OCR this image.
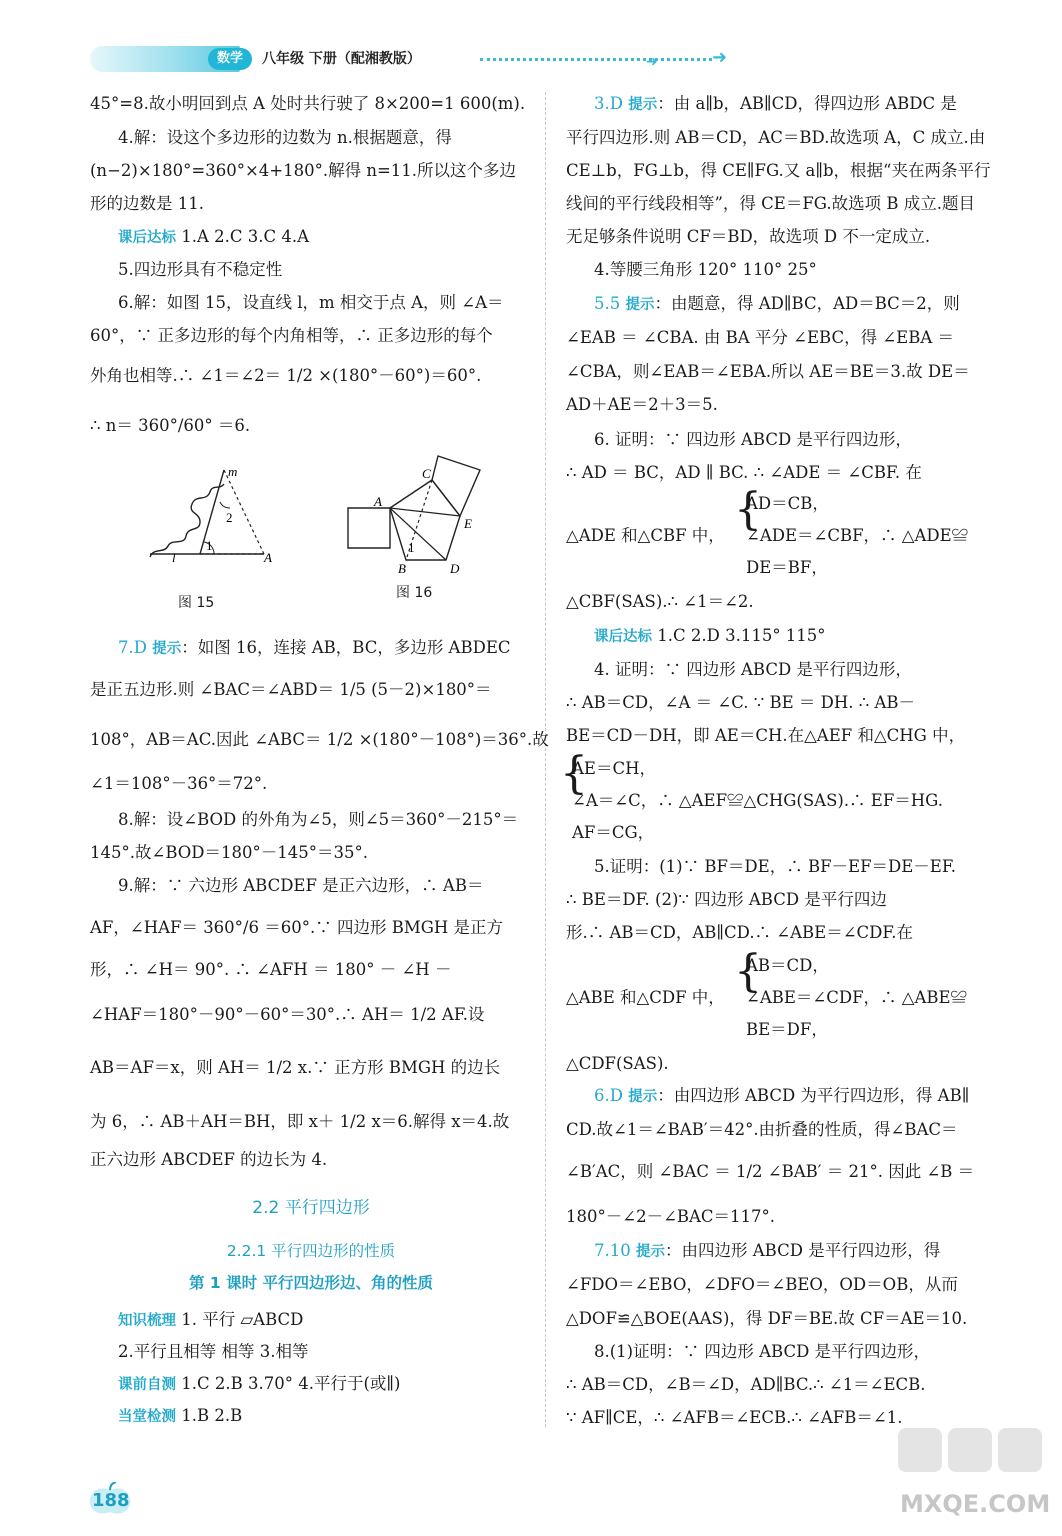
数学	八年级 下册（配湘教版）	➜	➜
45°=8.故小明回到点 A 处时共行驶了 8×200=1 600(m).
4.解：设这个多边形的边数为 n.根据题意，得
(n−2)×180°=360°×4+180°.解得 n=11.所以这个多边
形的边数是 11.
课后达标 1.A 2.C 3.C 4.A
5.四边形具有不稳定性
6.解：如图 15，设直线 l，m 相交于点 A，则 ∠A＝
60°，∵ 正多边形的每个内角相等，∴ 正多边形的每个
外角也相等.∴ ∠1＝∠2＝ 1/2 ×(180°－60°)＝60°.
∴ n＝ 360°/60° ＝6.
m
2
1
l	A
图 15
C
A
E
1
B	D
图 16
7.D 提示：如图 16，连接 AB，BC，多边形 ABDEC
是正五边形.则 ∠BAC＝∠ABD＝ 1/5 (5－2)×180°＝
108°，AB＝AC.因此 ∠ABC＝ 1/2 ×(180°－108°)＝36°.故
∠1＝108°－36°＝72°.
8.解：设∠BOD 的外角为∠5，则∠5＝360°－215°＝
145°.故∠BOD＝180°－145°＝35°.
9.解：∵ 六边形 ABCDEF 是正六边形，∴ AB＝
AF，∠HAF＝ 360°/6 ＝60°.∵ 四边形 BMGH 是正方
形，∴ ∠H＝ 90°. ∴ ∠AFH ＝ 180° － ∠H －
∠HAF＝180°－90°－60°＝30°.∴ AH＝ 1/2 AF.设
AB＝AF＝x，则 AH＝ 1/2 x.∵ 正方形 BMGH 的边长
为 6，∴ AB＋AH＝BH，即 x＋ 1/2 x＝6.解得 x＝4.故
正六边形 ABCDEF 的边长为 4.
2.2 平行四边形
2.2.1 平行四边形的性质
第 1 课时 平行四边形边、角的性质
知识梳理 1. 平行 ▱ABCD
2.平行且相等 相等 3.相等
课前自测 1.C 2.B 3.70° 4.平行于(或∥)
当堂检测 1.B 2.B
3.D 提示：由 a∥b，AB∥CD，得四边形 ABDC 是
平行四边形.则 AB＝CD，AC＝BD.故选项 A，C 成立.由
CE⊥b，FG⊥b，得 CE∥FG.又 a∥b，根据“夹在两条平行
线间的平行线段相等”，得 CE＝FG.故选项 B 成立.题目
无足够条件说明 CF＝BD，故选项 D 不一定成立.
4.等腰三角形 120° 110° 25°
5.5 提示：由题意，得 AD∥BC，AD＝BC＝2，则
∠EAB ＝ ∠CBA. 由 BA 平分 ∠EBC，得 ∠EBA ＝
∠CBA，则∠EAB＝∠EBA.所以 AE＝BE＝3.故 DE＝
AD＋AE＝2＋3＝5.
6. 证明：∵ 四边形 ABCD 是平行四边形，
∴ AD ＝ BC，AD ∥ BC. ∴ ∠ADE ＝ ∠CBF. 在
△ADE 和△CBF 中，
{
AD＝CB，
∠ADE＝∠CBF，∴ △ADE≌
DE＝BF，
△CBF(SAS).∴ ∠1＝∠2.
课后达标 1.C 2.D 3.115° 115°
4. 证明：∵ 四边形 ABCD 是平行四边形，
∴ AB＝CD，∠A ＝ ∠C. ∵ BE ＝ DH. ∴ AB－
BE＝CD－DH，即 AE＝CH.在△AEF 和△CHG 中，
{
AE＝CH，
∠A＝∠C，∴ △AEF≌△CHG(SAS).∴ EF＝HG.
AF＝CG，
5.证明：(1)∵ BF＝DE，∴ BF－EF＝DE－EF.
∴ BE＝DF. (2)∵ 四边形 ABCD 是平行四边
形.∴ AB＝CD，AB∥CD.∴ ∠ABE＝∠CDF.在
△ABE 和△CDF 中，
{
AB＝CD，
∠ABE＝∠CDF，∴ △ABE≌
BE＝DF，
△CDF(SAS).
6.D 提示：由四边形 ABCD 为平行四边形，得 AB∥
CD.故∠1＝∠BAB′＝42°.由折叠的性质，得∠BAC＝
∠B′AC，则 ∠BAC ＝ 1/2 ∠BAB′ ＝ 21°. 因此 ∠B ＝
180°－∠2－∠BAC＝117°.
7.10 提示：由四边形 ABCD 是平行四边形，得
∠FDO＝∠EBO，∠DFO＝∠BEO，OD＝OB，从而
△DOF≌△BOE(AAS)，得 DF＝BE.故 CF＝AE＝10.
8.(1)证明：∵ 四边形 ABCD 是平行四边形，
∴ AB＝CD，∠B＝∠D，AD∥BC.∴ ∠1＝∠ECB.
∵ AF∥CE，∴ ∠AFB＝∠ECB.∴ ∠AFB＝∠1.
188	MXQE.COM
